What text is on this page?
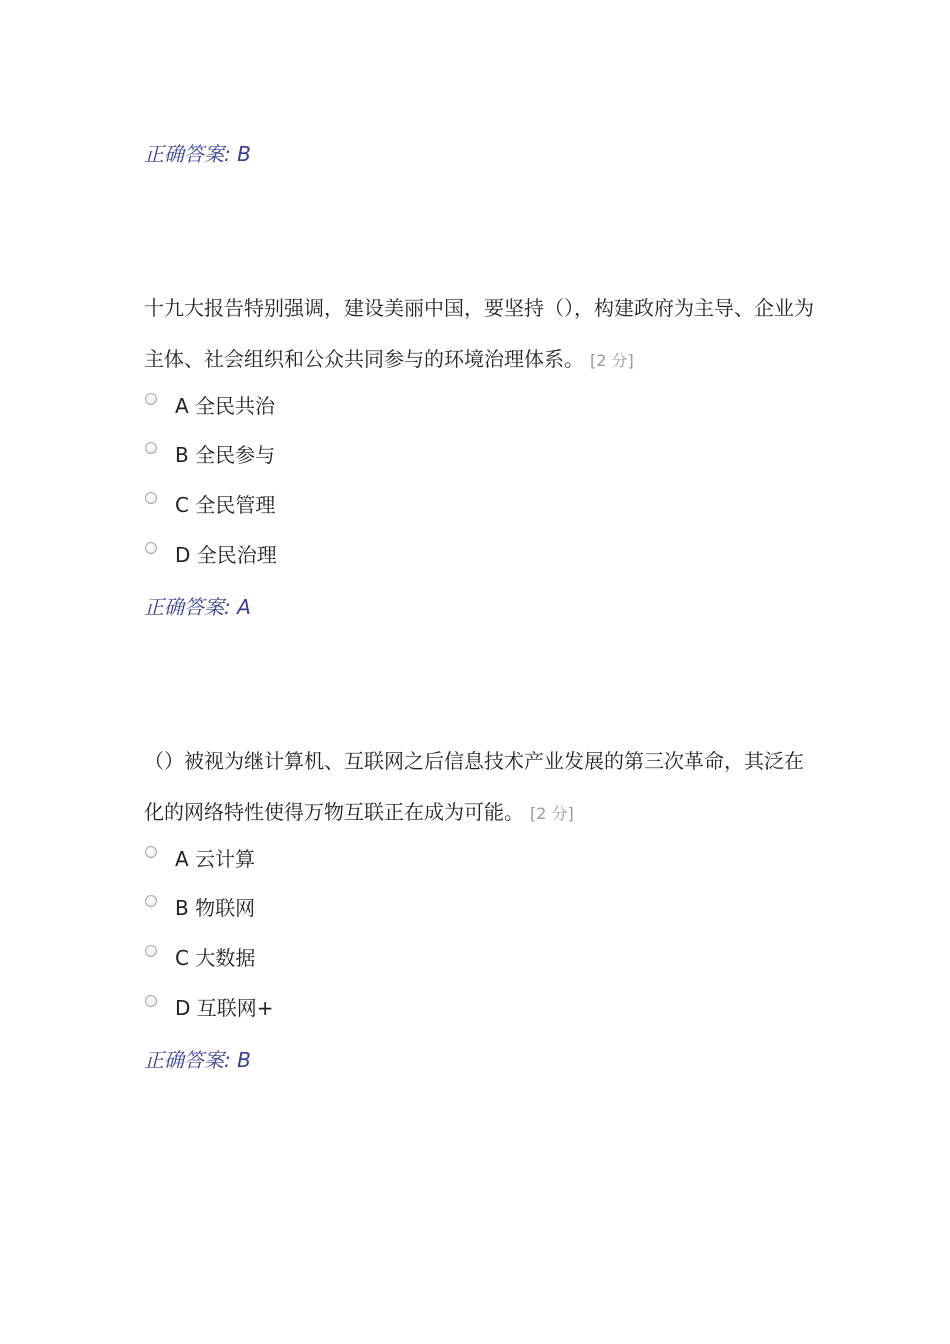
正确答案: B
十九大报告特别强调，建设美丽中国，要坚持（），构建政府为主导、企业为
主体、社会组织和公众共同参与的环境治理体系。 [2 分]
A 全民共治
B 全民参与
C 全民管理
D 全民治理
正确答案: A
（）被视为继计算机、互联网之后信息技术产业发展的第三次革命，其泛在
化的网络特性使得万物互联正在成为可能。 [2 分]
A 云计算
B 物联网
C 大数据
D 互联网+
正确答案: B
